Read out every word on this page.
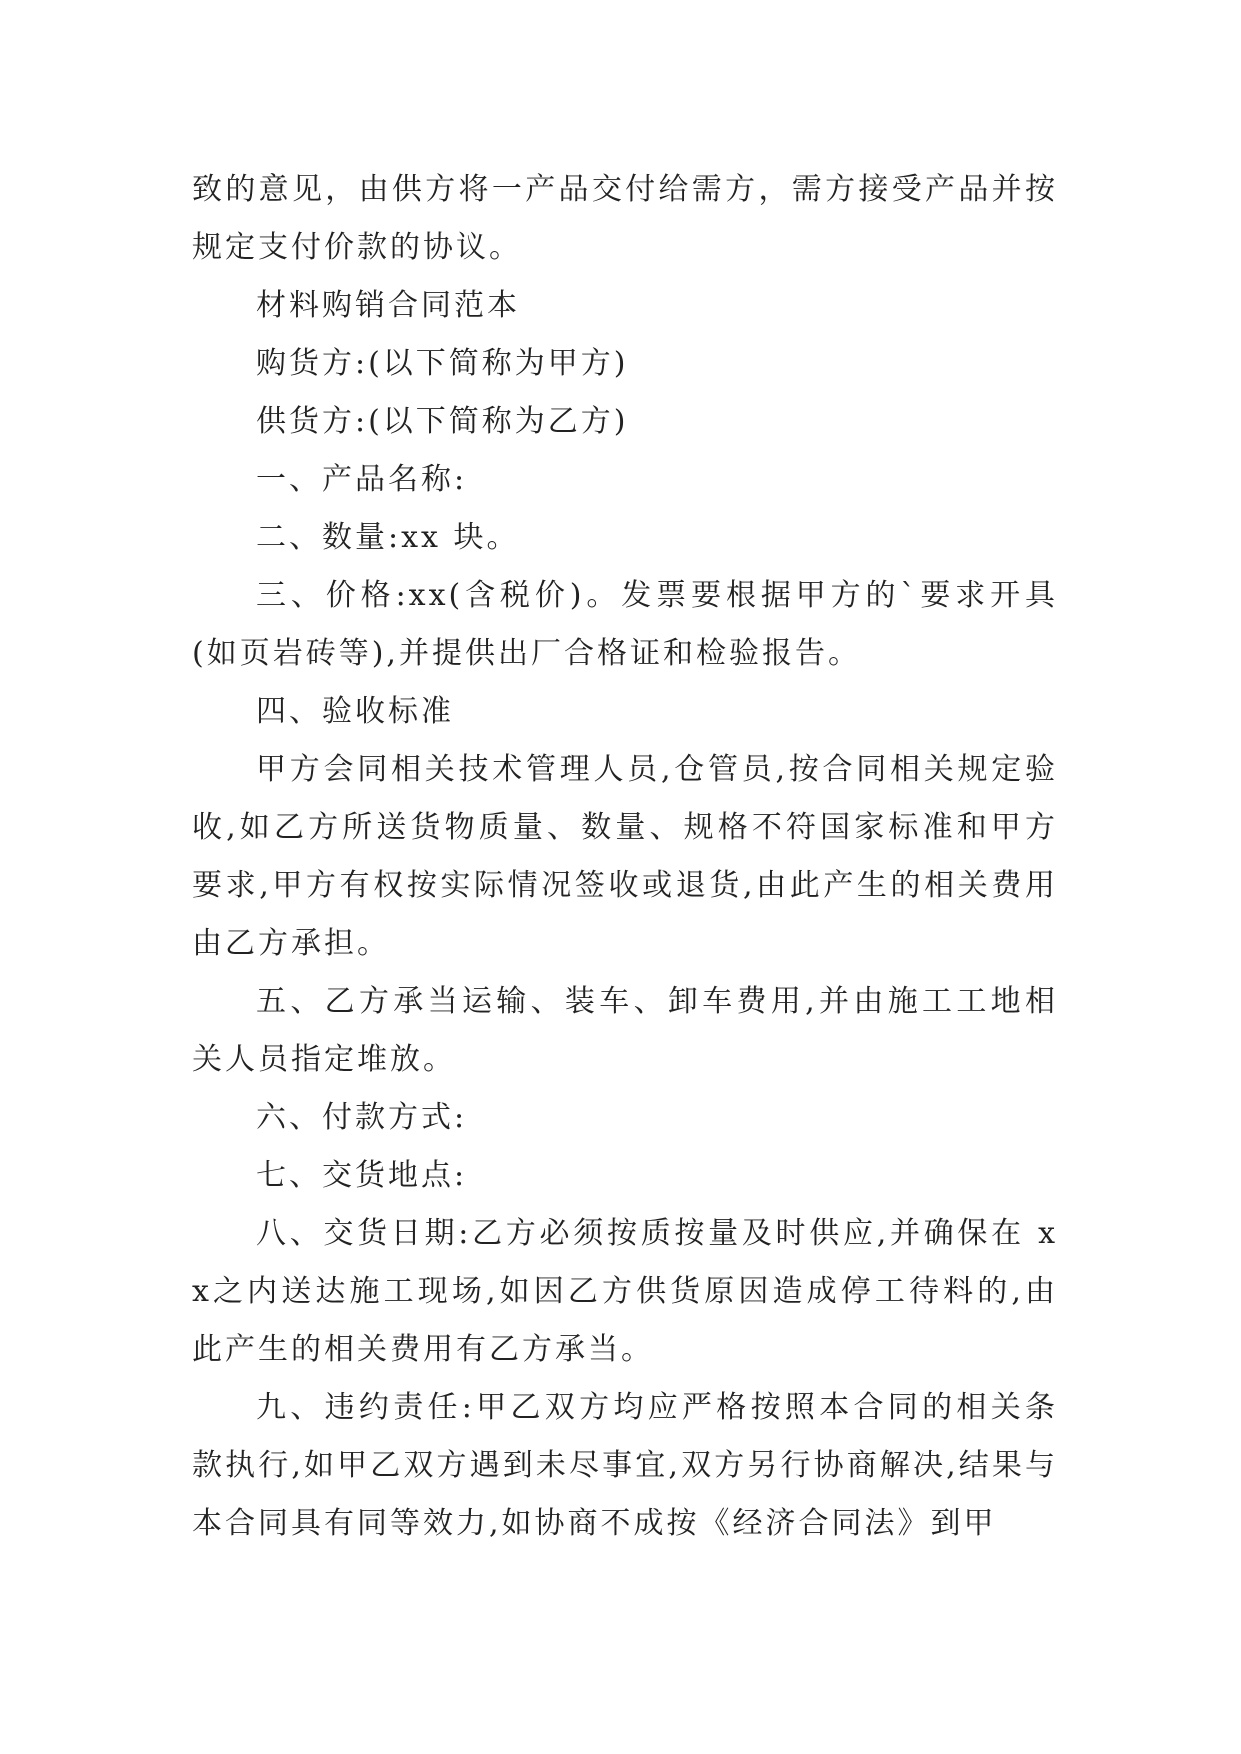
致的意见，由供方将一产品交付给需方，需方接受产品并按规定支付价款的协议。

材料购销合同范本

购货方:(以下简称为甲方)

供货方:(以下简称为乙方)

一、产品名称:

二、数量:xx 块。

三、价格:xx(含税价)。发票要根据甲方的`要求开具(如页岩砖等),并提供出厂合格证和检验报告。

四、验收标准

甲方会同相关技术管理人员,仓管员,按合同相关规定验收,如乙方所送货物质量、数量、规格不符国家标准和甲方要求,甲方有权按实际情况签收或退货,由此产生的相关费用由乙方承担。

五、乙方承当运输、装车、卸车费用,并由施工工地相关人员指定堆放。

六、付款方式:

七、交货地点:

八、交货日期:乙方必须按质按量及时供应,并确保在 xx之内送达施工现场,如因乙方供货原因造成停工待料的,由此产生的相关费用有乙方承当。

九、违约责任:甲乙双方均应严格按照本合同的相关条款执行,如甲乙双方遇到未尽事宜,双方另行协商解决,结果与本合同具有同等效力,如协商不成按《经济合同法》到甲
